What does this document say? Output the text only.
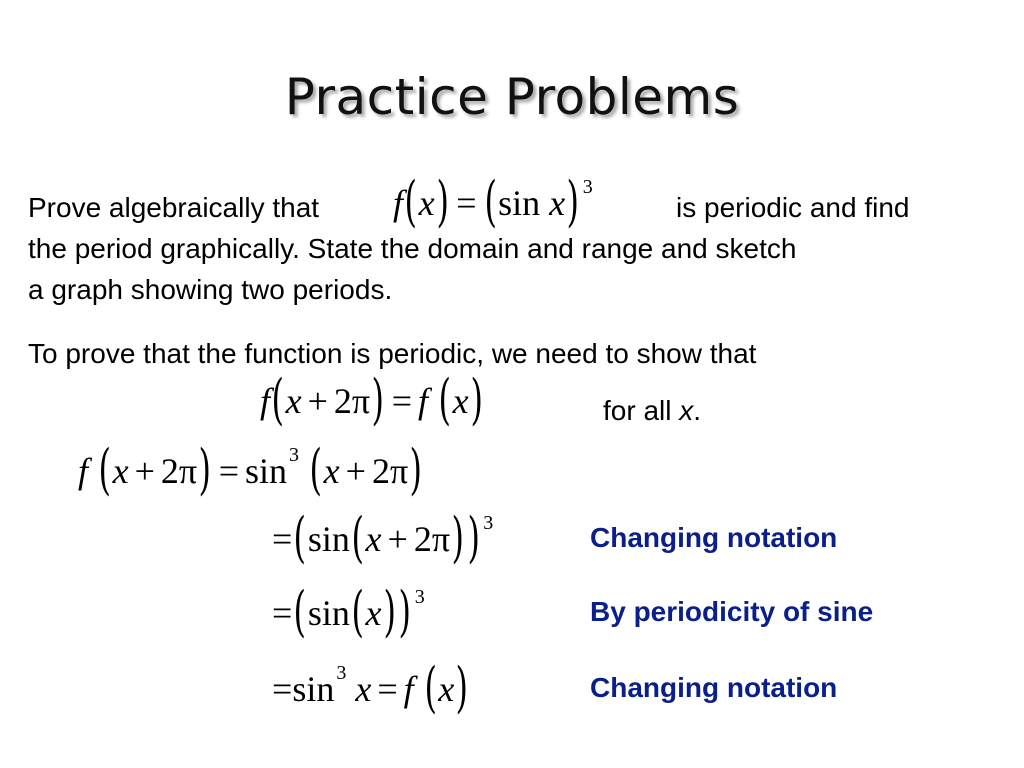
Practice Problems
Prove algebraically that f(x) = (sin x) $^3$
is periodic and find
the period graphically. State the domain and range and sketch
a graph showing two periods.
To prove that the function is periodic, we need to show that
f(x + 2π) = f (x)	for all x.
f (x + 2π) = sin $^3$ (x + 2π)
=(sin(x + 2π)) $^3$	Changing notation
=(sin(x)) $^3$	By periodicity of sine
=sin $^3$ x = f (x)	Changing notation
